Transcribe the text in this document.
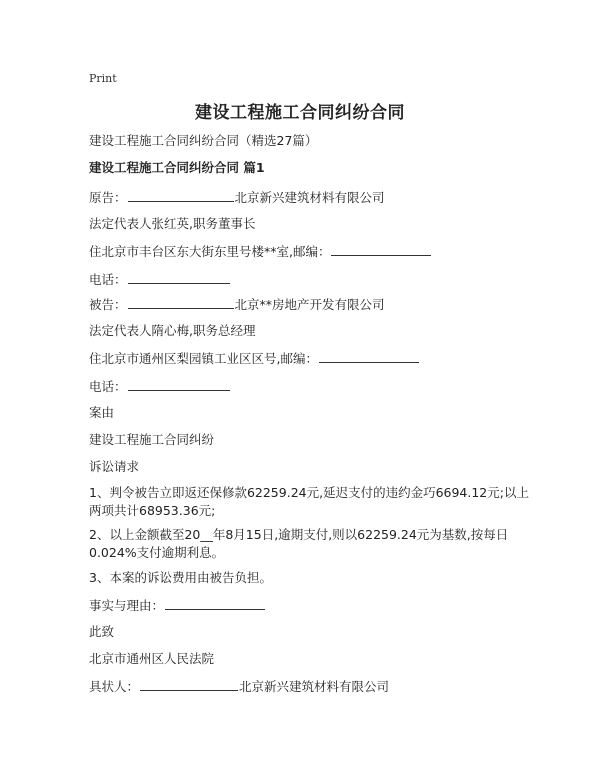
Print
建设工程施工合同纠纷合同
建设工程施工合同纠纷合同（精选27篇）
建设工程施工合同纠纷合同 篇1
原告：	北京新兴建筑材料有限公司
法定代表人张红英,职务董事长
住北京市丰台区东大街东里号楼**室,邮编：
电话：
被告：	北京**房地产开发有限公司
法定代表人隋心梅,职务总经理
住北京市通州区梨园镇工业区区号,邮编：
电话：
案由
建设工程施工合同纠纷
诉讼请求
1、判令被告立即返还保修款62259.24元,延迟支付的违约金巧6694.12元;以上两项共计68953.36元;
2、以上金额截至20__年8月15日,逾期支付,则以62259.24元为基数,按每日0.024%支付逾期利息。
3、本案的诉讼费用由被告负担。
事实与理由：
此致
北京市通州区人民法院
具状人：	北京新兴建筑材料有限公司
